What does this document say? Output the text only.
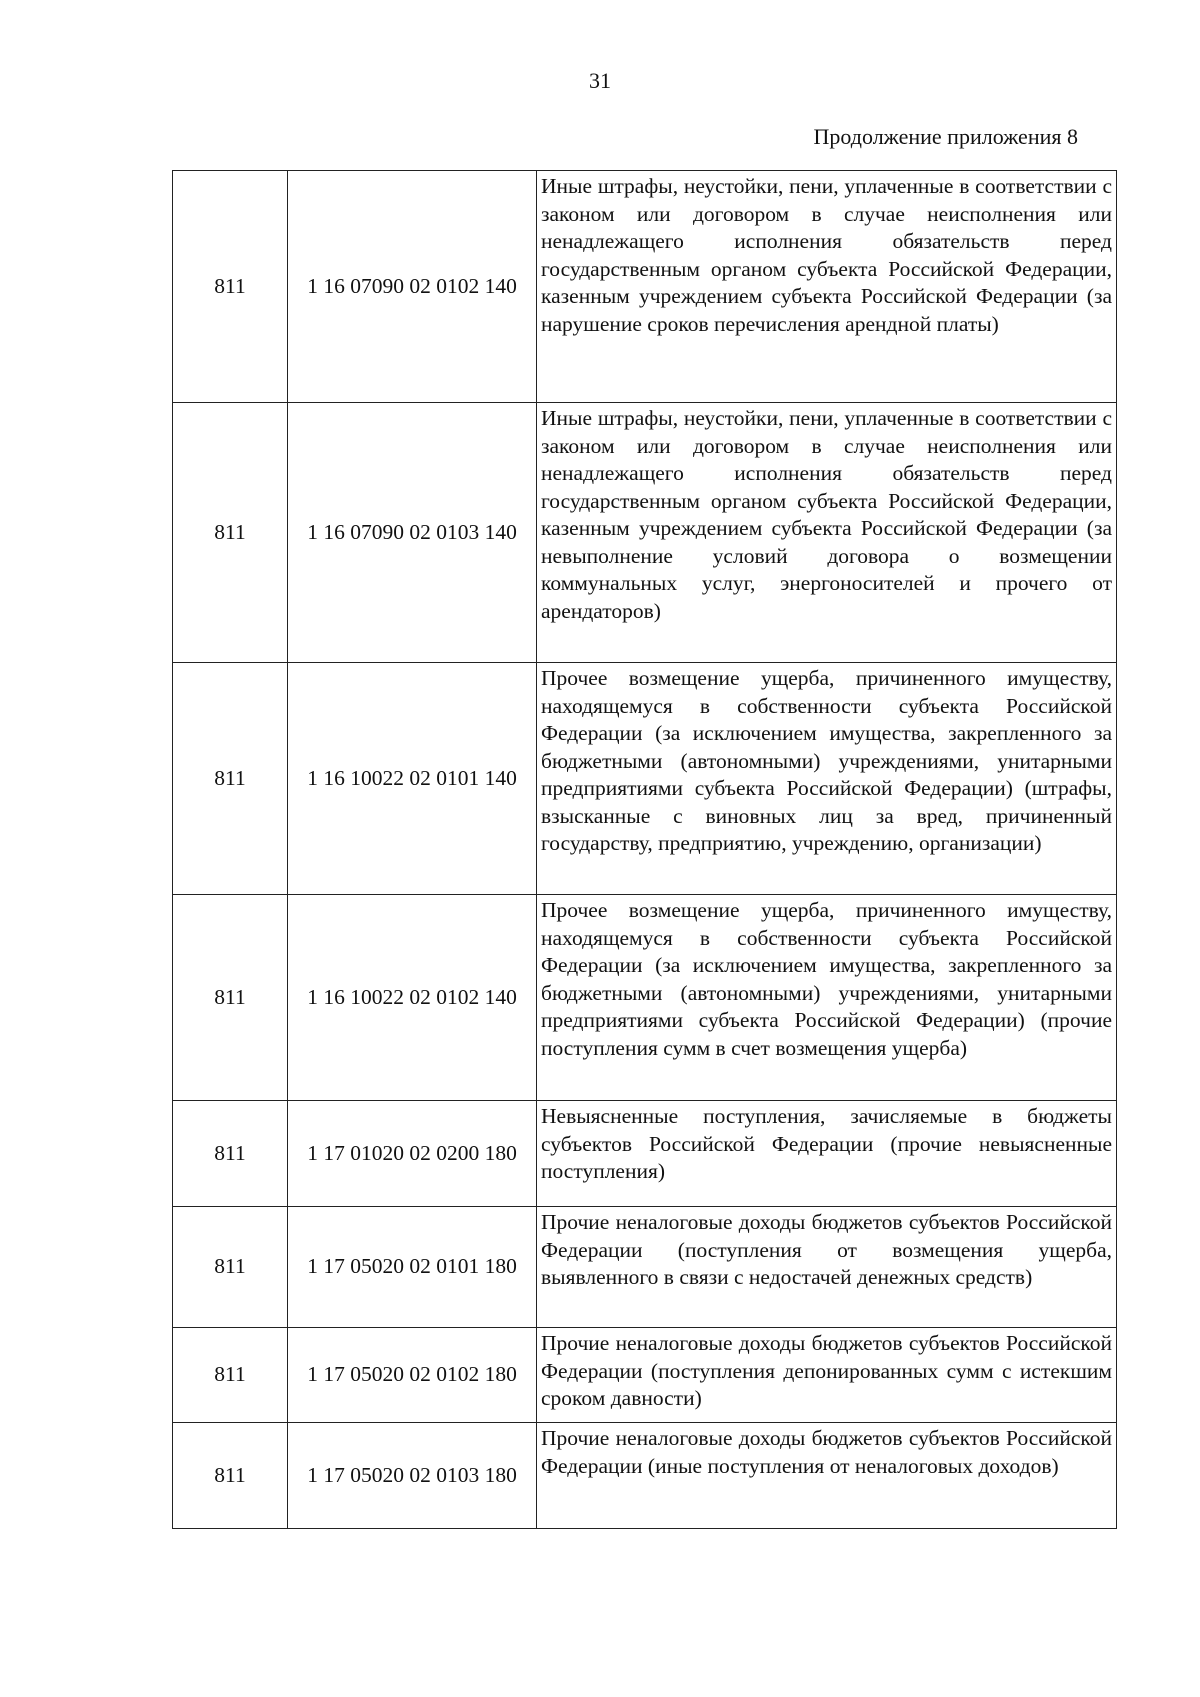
31
Продолжение приложения 8
811	1 16 07090 02 0102 140	Иные штрафы, неустойки, пени, уплаченные в соответствии с законом или договором в случае неисполнения или ненадлежащего исполнения обязательств перед государственным органом субъекта Российской Федерации, казенным учреждением субъекта Российской Федерации (за нарушение сроков перечисления арендной платы)
811	1 16 07090 02 0103 140	Иные штрафы, неустойки, пени, уплаченные в соответствии с законом или договором в случае неисполнения или ненадлежащего исполнения обязательств перед государственным органом субъекта Российской Федерации, казенным учреждением субъекта Российской Федерации (за невыполнение условий договора о возмещении коммунальных услуг, энергоносителей и прочего от арендаторов)
811	1 16 10022 02 0101 140	Прочее возмещение ущерба, причиненного имуществу, находящемуся в собственности субъекта Российской Федерации (за исключением имущества, закрепленного за бюджетными (автономными) учреждениями, унитарными предприятиями субъекта Российской Федерации) (штрафы, взысканные с виновных лиц за вред, причиненный государству, предприятию, учреждению, организации)
811	1 16 10022 02 0102 140	Прочее возмещение ущерба, причиненного имуществу, находящемуся в собственности субъекта Российской Федерации (за исключением имущества, закрепленного за бюджетными (автономными) учреждениями, унитарными предприятиями субъекта Российской Федерации) (прочие поступления сумм в счет возмещения ущерба)
811	1 17 01020 02 0200 180	Невыясненные поступления, зачисляемые в бюджеты субъектов Российской Федерации (прочие невыясненные поступления)
811	1 17 05020 02 0101 180	Прочие неналоговые доходы бюджетов субъектов Российской Федерации (поступления от возмещения ущерба, выявленного в связи с недостачей денежных средств)
811	1 17 05020 02 0102 180	Прочие неналоговые доходы бюджетов субъектов Российской Федерации (поступления депонированных сумм с истекшим сроком давности)
811	1 17 05020 02 0103 180	Прочие неналоговые доходы бюджетов субъектов Российской Федерации (иные поступления от неналоговых доходов)
